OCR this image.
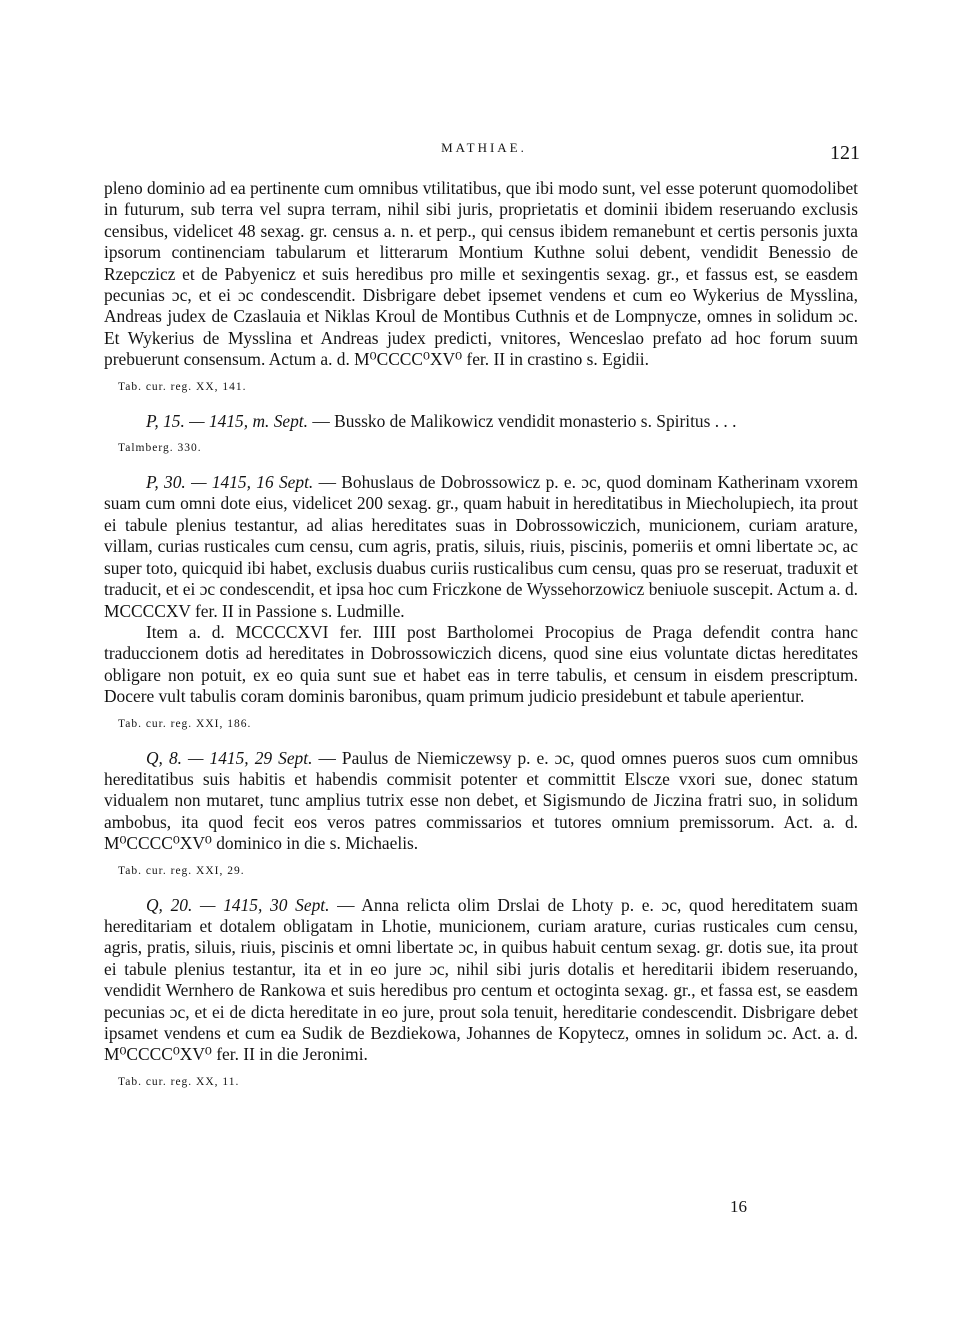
MATHIAE.	121

pleno dominio ad ea pertinente cum omnibus vtilitatibus, que ibi modo sunt, vel esse poterunt quomodolibet in futurum, sub terra vel supra terram, nihil sibi juris, proprietatis et dominii ibidem reseruando exclusis censibus, videlicet 48 sexag. gr. census a. n. et perp., qui census ibidem remanebunt et certis personis juxta ipsorum continenciam tabularum et litterarum Montium Kuthne solui debent, vendidit Benessio de Rzepczicz et de Pabyenicz et suis heredibus pro mille et sexingentis sexag. gr., et fassus est, se easdem pecunias ɔc, et ei ɔc condescendit. Disbrigare debet ipsemet vendens et cum eo Wykerius de Mysslina, Andreas judex de Czaslauia et Niklas Kroul de Montibus Cuthnis et de Lompnycze, omnes in solidum ɔc. Et Wykerius de Mysslina et Andreas judex predicti, vnitores, Wenceslao prefato ad hoc forum suum prebuerunt consensum. Actum a. d. M⁰CCCC⁰XV⁰ fer. II in crastino s. Egidii.

Tab. cur. reg. XX, 141.

P, 15. — 1415, m. Sept. — Bussko de Malikowicz vendidit monasterio s. Spiritus . . .

Talmberg. 330.

P, 30. — 1415, 16 Sept. — Bohuslaus de Dobrossowicz p. e. ɔc, quod dominam Katherinam vxorem suam cum omni dote eius, videlicet 200 sexag. gr., quam habuit in hereditatibus in Miecholupiech, ita prout ei tabule plenius testantur, ad alias hereditates suas in Dobrossowiczich, municionem, curiam arature, villam, curias rusticales cum censu, cum agris, pratis, siluis, riuis, piscinis, pomeriis et omni libertate ɔc, ac super toto, quicquid ibi habet, exclusis duabus curiis rusticalibus cum censu, quas pro se reseruat, traduxit et traducit, et ei ɔc condescendit, et ipsa hoc cum Friczkone de Wyssehorzowicz beniuole suscepit. Actum a. d. MCCCCXV fer. II in Passione s. Ludmille.

Item a. d. MCCCCXVI fer. IIII post Bartholomei Procopius de Praga defendit contra hanc traduccionem dotis ad hereditates in Dobrossowiczich dicens, quod sine eius voluntate dictas hereditates obligare non potuit, ex eo quia sunt sue et habet eas in terre tabulis, et censum in eisdem prescriptum. Docere vult tabulis coram dominis baronibus, quam primum judicio presidebunt et tabule aperientur.

Tab. cur. reg. XXI, 186.

Q, 8. — 1415, 29 Sept. — Paulus de Niemiczewsy p. e. ɔc, quod omnes pueros suos cum omnibus hereditatibus suis habitis et habendis commisit potenter et committit Elscze vxori sue, donec statum vidualem non mutaret, tunc amplius tutrix esse non debet, et Sigismundo de Jiczina fratri suo, in solidum ambobus, ita quod fecit eos veros patres commissarios et tutores omnium premissorum. Act. a. d. M⁰CCCC⁰XV⁰ dominico in die s. Michaelis.

Tab. cur. reg. XXI, 29.

Q, 20. — 1415, 30 Sept. — Anna relicta olim Drslai de Lhoty p. e. ɔc, quod hereditatem suam hereditariam et dotalem obligatam in Lhotie, municionem, curiam arature, curias rusticales cum censu, agris, pratis, siluis, riuis, piscinis et omni libertate ɔc, in quibus habuit centum sexag. gr. dotis sue, ita prout ei tabule plenius testantur, ita et in eo jure ɔc, nihil sibi juris dotalis et hereditarii ibidem reseruando, vendidit Wernhero de Rankowa et suis heredibus pro centum et octoginta sexag. gr., et fassa est, se easdem pecunias ɔc, et ei de dicta hereditate in eo jure, prout sola tenuit, hereditarie condescendit. Disbrigare debet ipsamet vendens et cum ea Sudik de Bezdiekowa, Johannes de Kopytecz, omnes in solidum ɔc. Act. a. d. M⁰CCCC⁰XV⁰ fer. II in die Jeronimi.

Tab. cur. reg. XX, 11.
16
